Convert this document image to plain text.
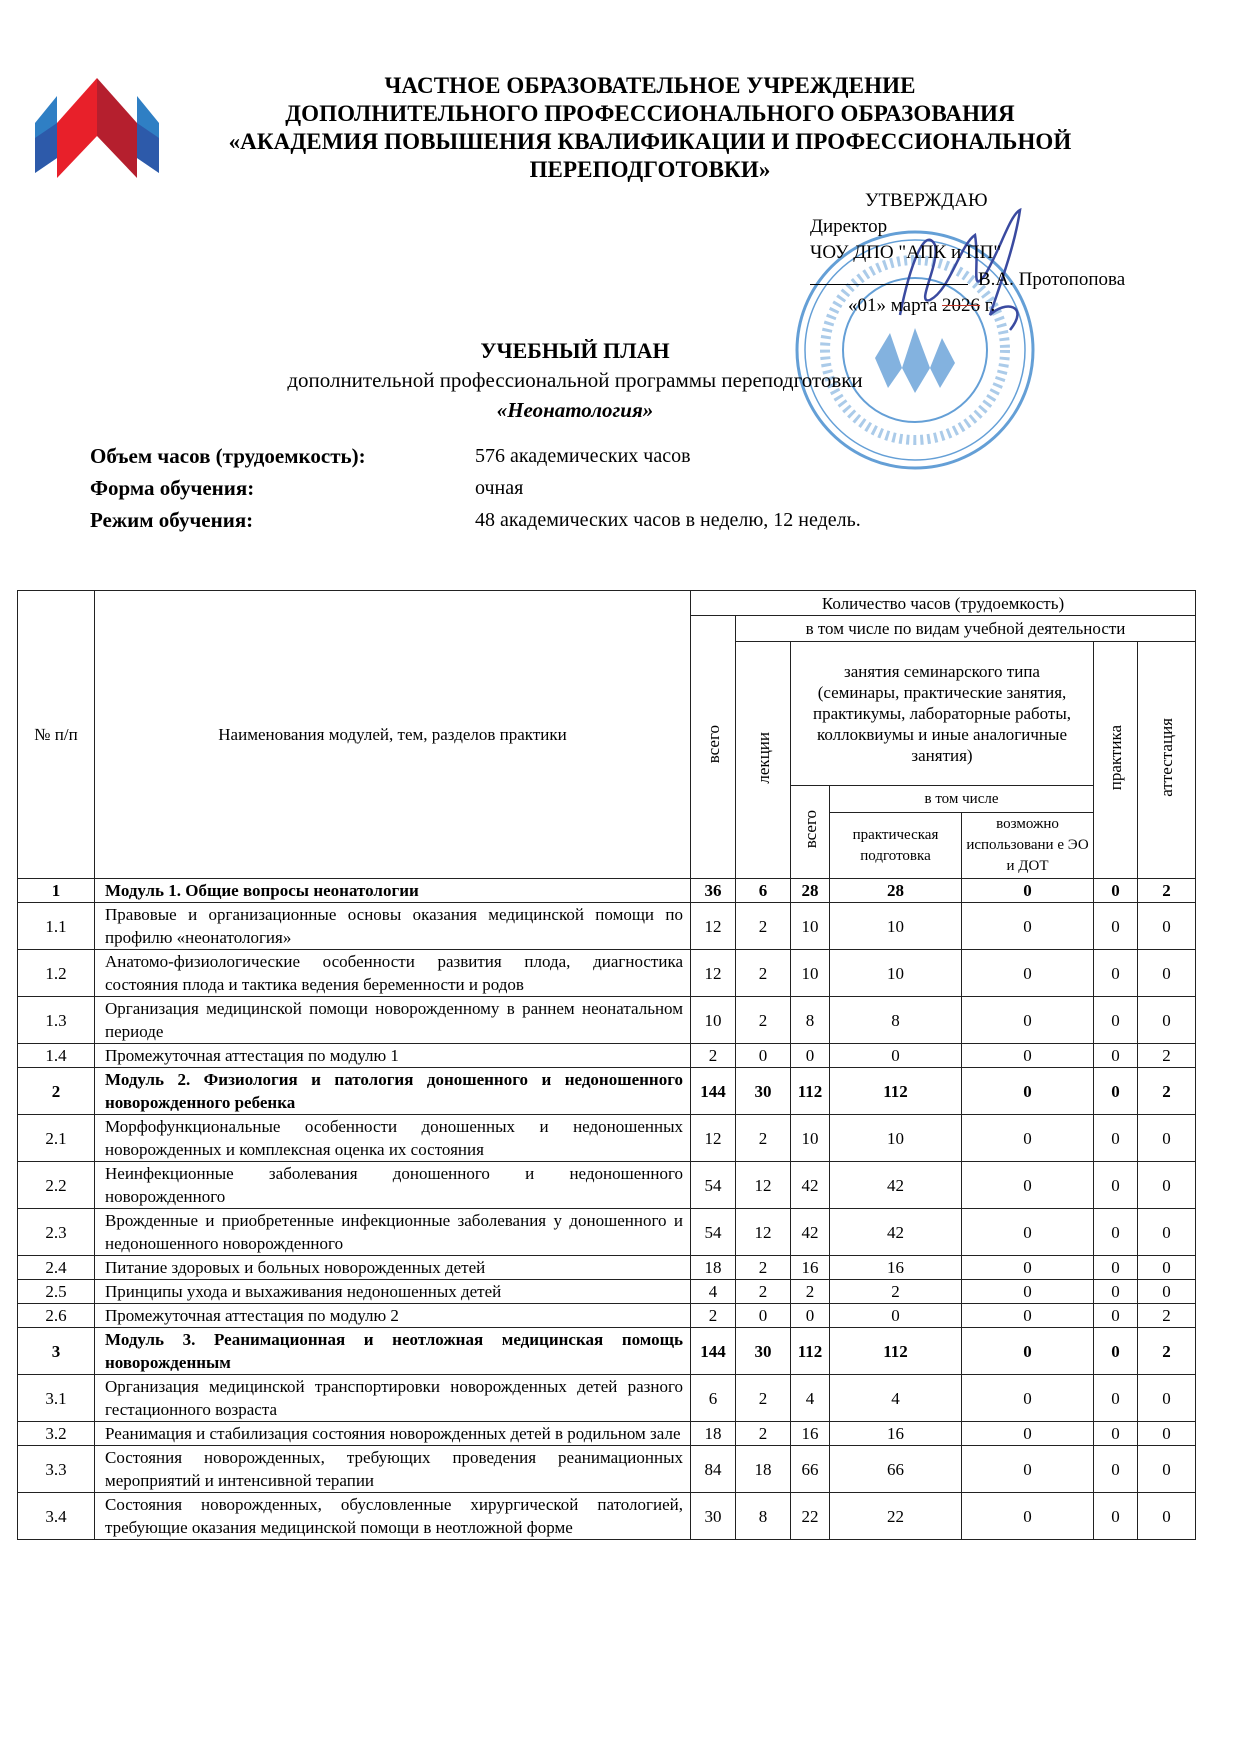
ЧАСТНОЕ ОБРАЗОВАТЕЛЬНОЕ УЧРЕЖДЕНИЕ
ДОПОЛНИТЕЛЬНОГО ПРОФЕССИОНАЛЬНОГО ОБРАЗОВАНИЯ
«АКАДЕМИЯ ПОВЫШЕНИЯ КВАЛИФИКАЦИИ И ПРОФЕССИОНАЛЬНОЙ
ПЕРЕПОДГОТОВКИ»
УТВЕРЖДАЮ
Директор
ЧОУ ДПО "АПК и ПП"
В.А. Протопопова
«01» марта 2026 г.
УЧЕБНЫЙ ПЛАН
дополнительной профессиональной программы переподготовки
«Неонатология»
Объем часов (трудоемкость):	576 академических часов
Форма обучения:	очная
Режим обучения:	48 академических часов в неделю, 12 недель.
№ п/п	Наименования модулей, тем, разделов практики	Количество часов (трудоемкость)						
		всего	в том числе по видам учебной деятельности					
			лекции	занятия семинарского типа (семинары, практические занятия, практикумы, лабораторные работы, коллоквиумы и иные аналогичные занятия)			практика	аттестация
				всего	в том числе			
					практическая подготовка	возможно использовани е ЭО и ДОТ		
1	Модуль 1. Общие вопросы неонатологии	36	6	28	28	0	0	2
1.1	Правовые и организационные основы оказания медицинской помощи по профилю «неонатология»	12	2	10	10	0	0	0
1.2	Анатомо-физиологические особенности развития плода, диагностика состояния плода и тактика ведения беременности и родов	12	2	10	10	0	0	0
1.3	Организация медицинской помощи новорожденному в раннем неонатальном периоде	10	2	8	8	0	0	0
1.4	Промежуточная аттестация по модулю 1	2	0	0	0	0	0	2
2	Модуль 2. Физиология и патология доношенного и недоношенного новорожденного ребенка	144	30	112	112	0	0	2
2.1	Морфофункциональные особенности доношенных и недоношенных новорожденных и комплексная оценка их состояния	12	2	10	10	0	0	0
2.2	Неинфекционные заболевания доношенного и недоношенного новорожденного	54	12	42	42	0	0	0
2.3	Врожденные и приобретенные инфекционные заболевания у доношенного и недоношенного новорожденного	54	12	42	42	0	0	0
2.4	Питание здоровых и больных новорожденных детей	18	2	16	16	0	0	0
2.5	Принципы ухода и выхаживания недоношенных детей	4	2	2	2	0	0	0
2.6	Промежуточная аттестация по модулю 2	2	0	0	0	0	0	2
3	Модуль 3. Реанимационная и неотложная медицинская помощь новорожденным	144	30	112	112	0	0	2
3.1	Организация медицинской транспортировки новорожденных детей разного гестационного возраста	6	2	4	4	0	0	0
3.2	Реанимация и стабилизация состояния новорожденных детей в родильном зале	18	2	16	16	0	0	0
3.3	Состояния новорожденных, требующих проведения реанимационных мероприятий и интенсивной терапии	84	18	66	66	0	0	0
3.4	Состояния новорожденных, обусловленные хирургической патологией, требующие оказания медицинской помощи в неотложной форме	30	8	22	22	0	0	0
